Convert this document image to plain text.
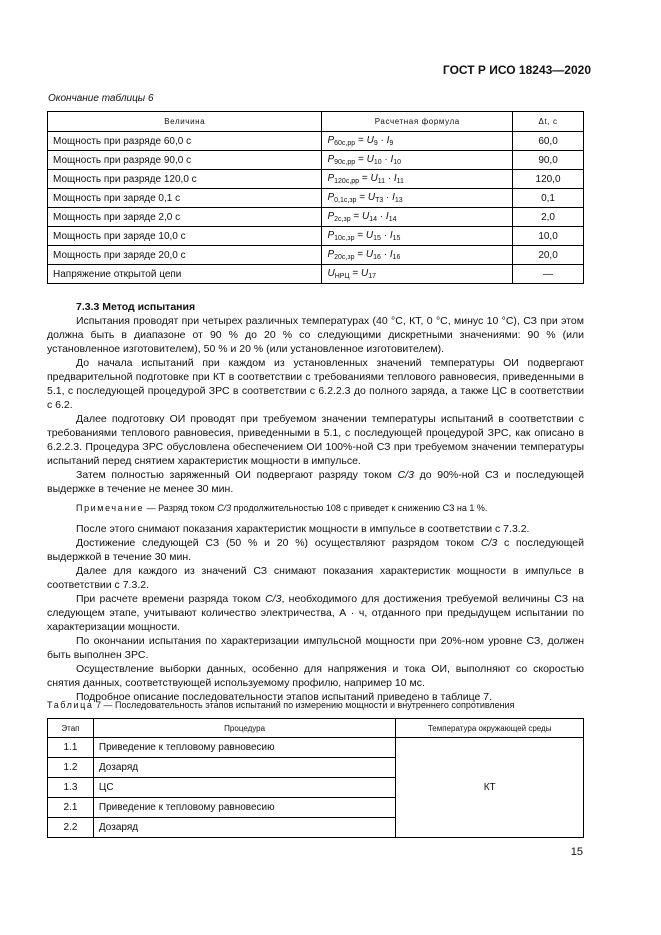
ГОСТ Р ИСО 18243—2020
Окончание таблицы 6
Величина	Расчетная формула	Δt, с
Мощность при разряде 60,0 с	$P_{60c,рр} = U_9 \cdot I_9$	60,0
Мощность при разряде 90,0 с	$P_{90c,рр} = U_{10} \cdot I_{10}$	90,0
Мощность при разряде 120,0 с	$P_{120c,рр} = U_{11} \cdot I_{11}$	120,0
Мощность при заряде 0,1 с	$P_{0,1c,зр} = U_{Т3} \cdot I_{13}$	0,1
Мощность при заряде 2,0 с	$P_{2c,зр} = U_{14} \cdot I_{14}$	2,0
Мощность при заряде 10,0 с	$P_{10c,зр} = U_{15} \cdot I_{15}$	10,0
Мощность при заряде 20,0 с	$P_{20c,зр} = U_{16} \cdot I_{16}$	20,0
Напряжение открытой цепи	$U_{НРЦ} = U_{17}$	—
7.3.3 Метод испытания

Испытания проводят при четырех различных температурах (40 °С, КТ, 0 °С, минус 10 °С), СЗ при этом должна быть в диапазоне от 90 % до 20 % со следующими дискретными значениями: 90 % (или установленное изготовителем), 50 % и 20 % (или установленное изготовителем).

До начала испытаний при каждом из установленных значений температуры ОИ подвергают предварительной подготовке при КТ в соответствии с требованиями теплового равновесия, приведенными в 5.1, с последующей процедурой ЗРС в соответствии с 6.2.2.3 до полного заряда, а также ЦС в соответствии с 6.2.

Далее подготовку ОИ проводят при требуемом значении температуры испытаний в соответствии с требованиями теплового равновесия, приведенными в 5.1, с последующей процедурой ЗРС, как описано в 6.2.2.3. Процедура ЗРС обусловлена обеспечением ОИ 100%-ной СЗ при требуемом значении температуры испытаний перед снятием характеристик мощности в импульсе.

Затем полностью заряженный ОИ подвергают разряду током С/3 до 90%-ной СЗ и последующей выдержке в течение не менее 30 мин.

Примечание — Разряд током С/3 продолжительностью 108 с приведет к снижению СЗ на 1 %.

После этого снимают показания характеристик мощности в импульсе в соответствии с 7.3.2.

Достижение следующей СЗ (50 % и 20 %) осуществляют разрядом током С/3 с последующей выдержкой в течение 30 мин.

Далее для каждого из значений СЗ снимают показания характеристик мощности в импульсе в соответствии с 7.3.2.

При расчете времени разряда током С/3, необходимого для достижения требуемой величины СЗ на следующем этапе, учитывают количество электричества, А · ч, отданного при предыдущем испытании по характеризации мощности.

По окончании испытания по характеризации импульсной мощности при 20%-ном уровне СЗ, должен быть выполнен ЗРС.

Осуществление выборки данных, особенно для напряжения и тока ОИ, выполняют со скоростью снятия данных, соответствующей используемому профилю, например 10 мс.

Подробное описание последовательности этапов испытаний приведено в таблице 7.

Таблица 7 — Последовательность этапов испытаний по измерению мощности и внутреннего сопротивления
Этап	Процедура	Температура окружающей среды
1.1	Приведение к тепловому равновесию	КТ
1.2	Дозаряд	
1.3	ЦС	
2.1	Приведение к тепловому равновесию	
2.2	Дозаряд	
15
